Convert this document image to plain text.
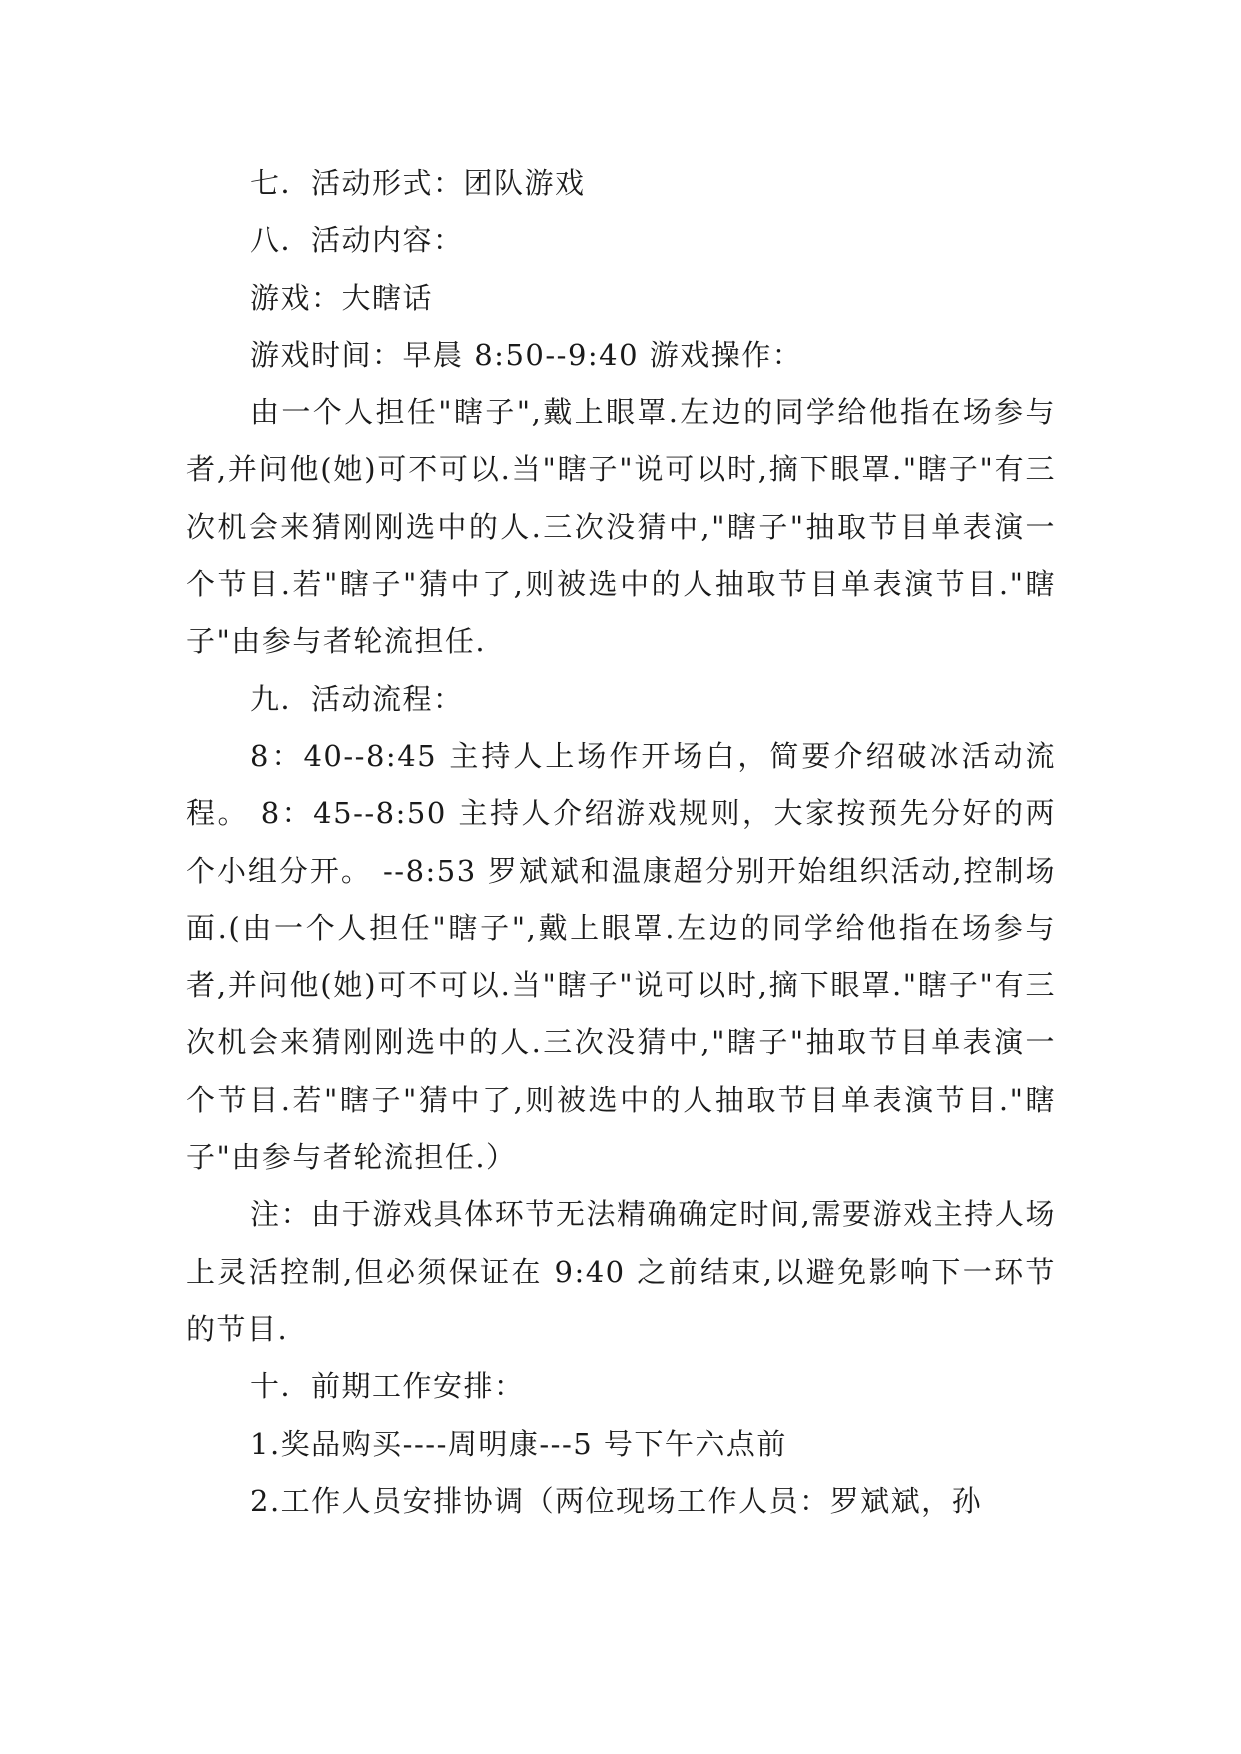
七．活动形式：团队游戏
八．活动内容：
游戏：大瞎话
游戏时间：早晨 8:50--9:40 游戏操作：

由一个人担任"瞎子",戴上眼罩.左边的同学给他指在场参与者,并问他(她)可不可以.当"瞎子"说可以时,摘下眼罩."瞎子"有三次机会来猜刚刚选中的人.三次没猜中,"瞎子"抽取节目单表演一个节目.若"瞎子"猜中了,则被选中的人抽取节目单表演节目."瞎子"由参与者轮流担任.

九．活动流程：

8：40--8:45 主持人上场作开场白，简要介绍破冰活动流程。 8：45--8:50 主持人介绍游戏规则，大家按预先分好的两个小组分开。 --8:53 罗斌斌和温康超分别开始组织活动,控制场面.(由一个人担任"瞎子",戴上眼罩.左边的同学给他指在场参与者,并问他(她)可不可以.当"瞎子"说可以时,摘下眼罩."瞎子"有三次机会来猜刚刚选中的人.三次没猜中,"瞎子"抽取节目单表演一个节目.若"瞎子"猜中了,则被选中的人抽取节目单表演节目."瞎子"由参与者轮流担任.）

注：由于游戏具体环节无法精确确定时间,需要游戏主持人场上灵活控制,但必须保证在 9:40 之前结束,以避免影响下一环节的节目.

十．前期工作安排：
1.奖品购买----周明康---5 号下午六点前
2.工作人员安排协调（两位现场工作人员：罗斌斌，孙
